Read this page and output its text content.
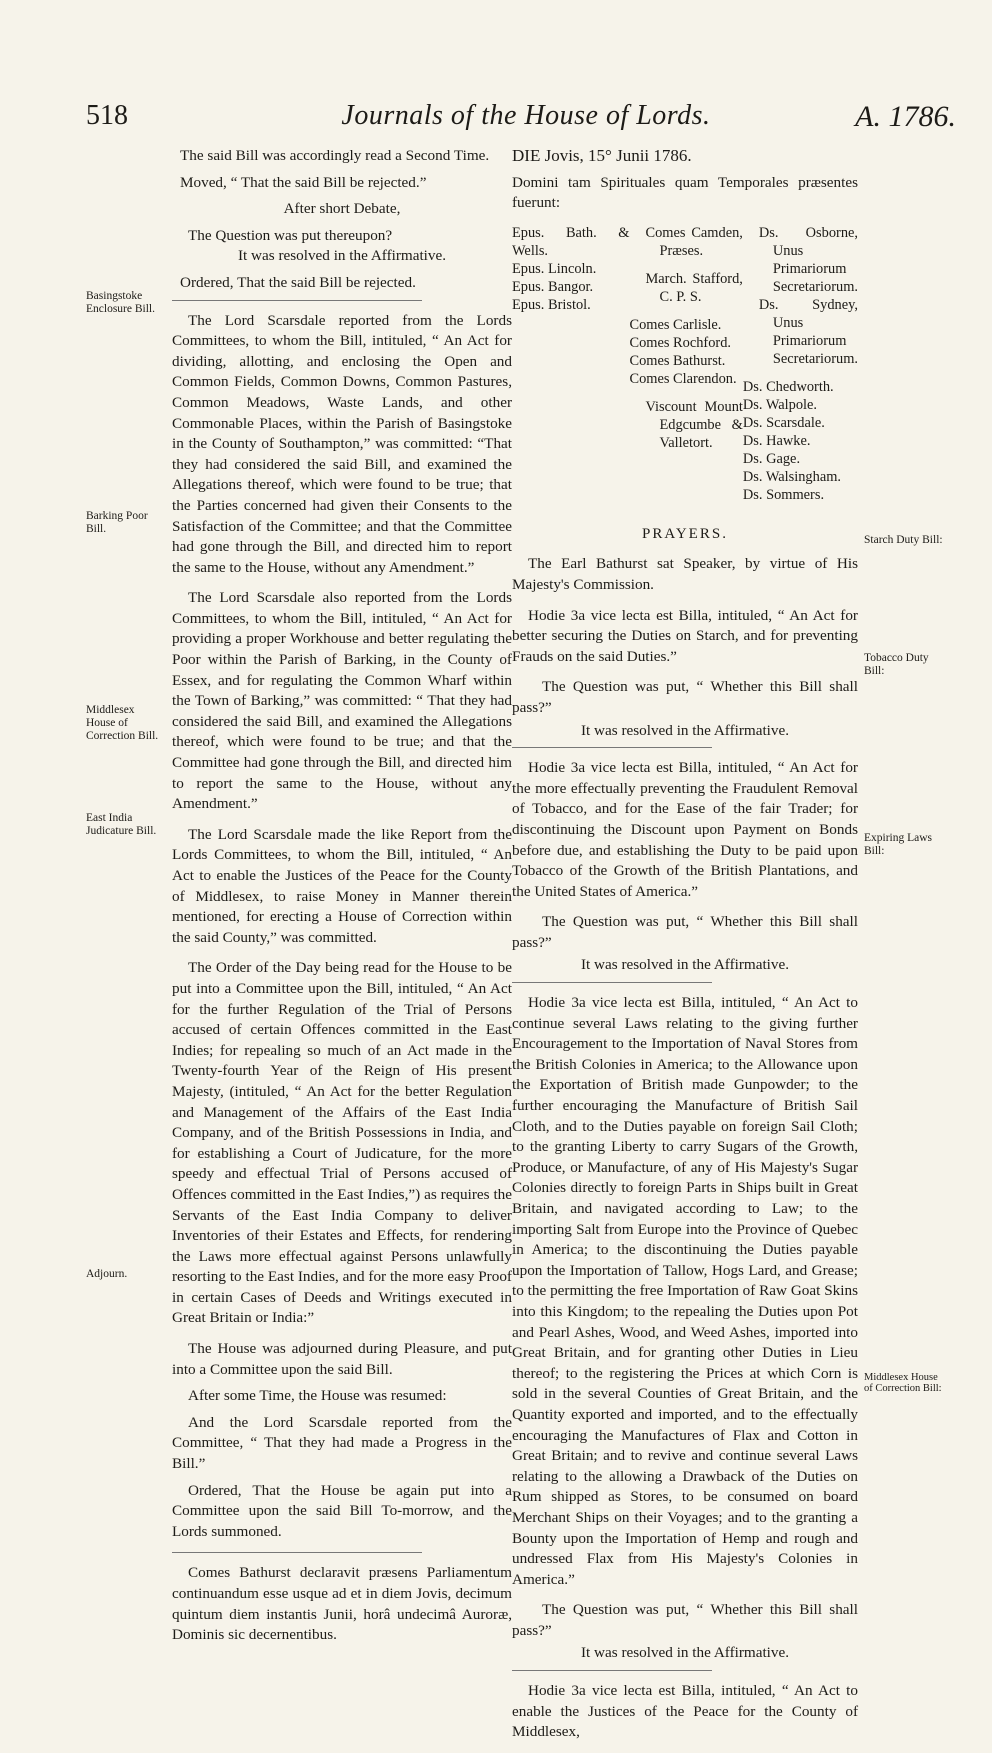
518	Journals of the House of Lords.	A. 1786.
Basingstoke Enclosure Bill.
Barking Poor Bill.
Middlesex House of Correction Bill.
East India Judicature Bill.
Adjourn.

The said Bill was accordingly read a Second Time.

Moved, “ That the said Bill be rejected.”

After short Debate,

The Question was put thereupon?

It was resolved in the Affirmative.

Ordered, That the said Bill be rejected.

The Lord Scarsdale reported from the Lords Committees, to whom the Bill, intituled, “ An Act for dividing, allotting, and enclosing the Open and Common Fields, Common Downs, Common Pastures, Common Meadows, Waste Lands, and other Commonable Places, within the Parish of Basingstoke in the County of Southampton,” was committed: “That they had considered the said Bill, and examined the Allegations thereof, which were found to be true; that the Parties concerned had given their Consents to the Satisfaction of the Committee; and that the Committee had gone through the Bill, and directed him to report the same to the House, without any Amendment.”

The Lord Scarsdale also reported from the Lords Committees, to whom the Bill, intituled, “ An Act for providing a proper Workhouse and better regulating the Poor within the Parish of Barking, in the County of Essex, and for regulating the Common Wharf within the Town of Barking,” was committed: “ That they had considered the said Bill, and examined the Allegations thereof, which were found to be true; and that the Committee had gone through the Bill, and directed him to report the same to the House, without any Amendment.”

The Lord Scarsdale made the like Report from the Lords Committees, to whom the Bill, intituled, “ An Act to enable the Justices of the Peace for the County of Middlesex, to raise Money in Manner therein mentioned, for erecting a House of Correction within the said County,” was committed.

The Order of the Day being read for the House to be put into a Committee upon the Bill, intituled, “ An Act for the further Regulation of the Trial of Persons accused of certain Offences committed in the East Indies; for repealing so much of an Act made in the Twenty-fourth Year of the Reign of His present Majesty, (intituled, “ An Act for the better Regulation and Management of the Affairs of the East India Company, and of the British Possessions in India, and for establishing a Court of Judicature, for the more speedy and effectual Trial of Persons accused of Offences committed in the East Indies,”) as requires the Servants of the East India Company to deliver Inventories of their Estates and Effects, for rendering the Laws more effectual against Persons unlawfully resorting to the East Indies, and for the more easy Proof in certain Cases of Deeds and Writings executed in Great Britain or India:”

The House was adjourned during Pleasure, and put into a Committee upon the said Bill.

After some Time, the House was resumed:

And the Lord Scarsdale reported from the Committee, “ That they had made a Progress in the Bill.”

Ordered, That the House be again put into a Committee upon the said Bill To-morrow, and the Lords summoned.

Comes Bathurst declaravit præsens Parliamentum continuandum esse usque ad et in diem Jovis, decimum quintum diem instantis Junii, horâ undecimâ Auroræ, Dominis sic decernentibus.

Starch Duty Bill:
Tobacco Duty Bill:
Expiring Laws Bill:
Middlesex House of Correction Bill:

DIE Jovis, 15° Junii 1786.

Domini tam Spirituales quam Temporales præsentes fuerunt:

Epus. Bath. & Wells.
Epus. Lincoln.
Epus. Bangor.
Epus. Bristol.
Comes Camden, Præses.
March. Stafford, C. P. S.
Comes Carlisle.
Comes Rochford.
Comes Bathurst.
Comes Clarendon.
Viscount Mount Edgcumbe & Valletort.
Ds. Osborne, Unus Primariorum Secretariorum.
Ds. Sydney, Unus Primariorum Secretariorum.
Ds. Chedworth.
Ds. Walpole.
Ds. Scarsdale.
Ds. Hawke.
Ds. Gage.
Ds. Walsingham.
Ds. Sommers.

PRAYERS.

The Earl Bathurst sat Speaker, by virtue of His Majesty's Commission.

Hodie 3a vice lecta est Billa, intituled, “ An Act for better securing the Duties on Starch, and for preventing Frauds on the said Duties.”

The Question was put, “ Whether this Bill shall pass?”

It was resolved in the Affirmative.

Hodie 3a vice lecta est Billa, intituled, “ An Act for the more effectually preventing the Fraudulent Removal of Tobacco, and for the Ease of the fair Trader; for discontinuing the Discount upon Payment on Bonds before due, and establishing the Duty to be paid upon Tobacco of the Growth of the British Plantations, and the United States of America.”

The Question was put, “ Whether this Bill shall pass?”

It was resolved in the Affirmative.

Hodie 3a vice lecta est Billa, intituled, “ An Act to continue several Laws relating to the giving further Encouragement to the Importation of Naval Stores from the British Colonies in America; to the Allowance upon the Exportation of British made Gunpowder; to the further encouraging the Manufacture of British Sail Cloth, and to the Duties payable on foreign Sail Cloth; to the granting Liberty to carry Sugars of the Growth, Produce, or Manufacture, of any of His Majesty's Sugar Colonies directly to foreign Parts in Ships built in Great Britain, and navigated according to Law; to the importing Salt from Europe into the Province of Quebec in America; to the discontinuing the Duties payable upon the Importation of Tallow, Hogs Lard, and Grease; to the permitting the free Importation of Raw Goat Skins into this Kingdom; to the repealing the Duties upon Pot and Pearl Ashes, Wood, and Weed Ashes, imported into Great Britain, and for granting other Duties in Lieu thereof; to the registering the Prices at which Corn is sold in the several Counties of Great Britain, and the Quantity exported and imported, and to the effectually encouraging the Manufactures of Flax and Cotton in Great Britain; and to revive and continue several Laws relating to the allowing a Drawback of the Duties on Rum shipped as Stores, to be consumed on board Merchant Ships on their Voyages; and to the granting a Bounty upon the Importation of Hemp and rough and undressed Flax from His Majesty's Colonies in America.”

The Question was put, “ Whether this Bill shall pass?”

It was resolved in the Affirmative.

Hodie 3a vice lecta est Billa, intituled, “ An Act to enable the Justices of the Peace for the County of Middlesex,
